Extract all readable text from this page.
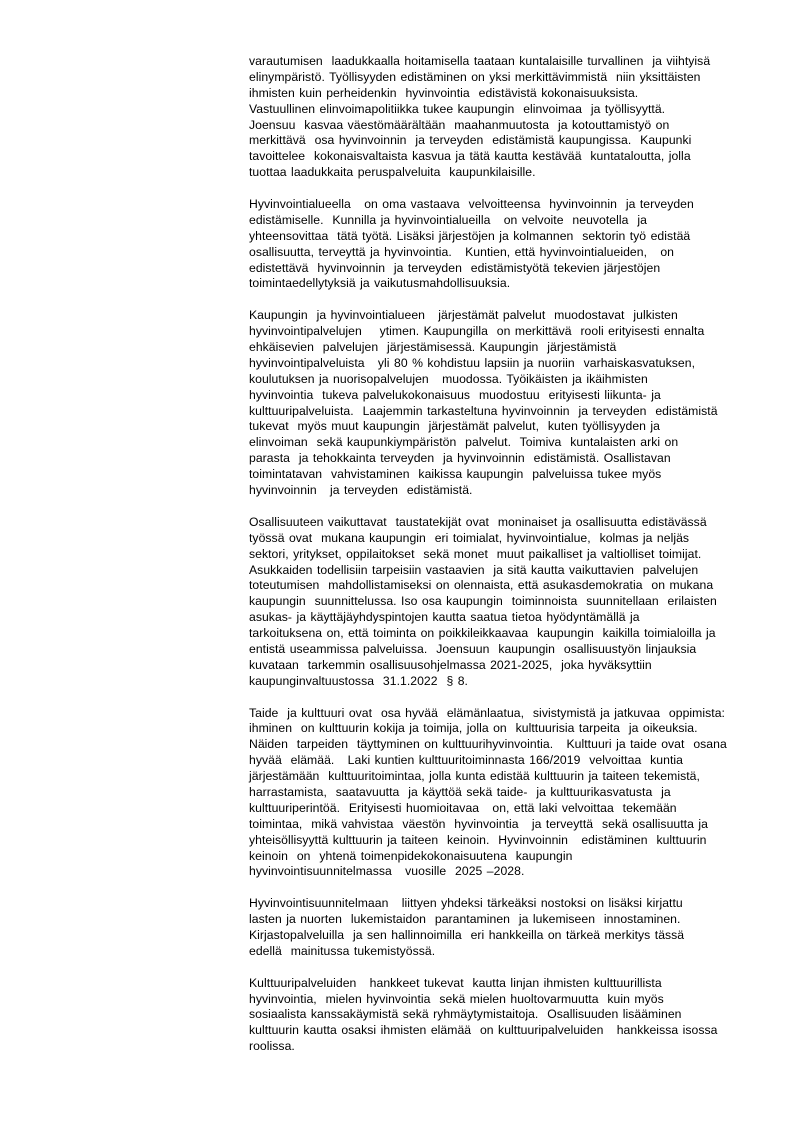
varautumisen  laadukkaalla hoitamisella taataan kuntalaisille turvallinen  ja viihtyisä
elinympäristö. Työllisyyden edistäminen on yksi merkittävimmistä  niin yksittäisten
ihmisten kuin perheidenkin  hyvinvointia  edistävistä kokonaisuuksista.
Vastuullinen elinvoimapolitiikka tukee kaupungin  elinvoimaa  ja työllisyyttä.
Joensuu  kasvaa väestömäärältään  maahanmuutosta  ja kotouttamistyö on
merkittävä  osa hyvinvoinnin  ja terveyden  edistämistä kaupungissa.  Kaupunki
tavoittelee  kokonaisvaltaista kasvua ja tätä kautta kestävää  kuntataloutta, jolla
tuottaa laadukkaita peruspalveluita  kaupunkilaisille.
Hyvinvointialueella   on oma vastaava  velvoitteensa  hyvinvoinnin  ja terveyden
edistämiselle.  Kunnilla ja hyvinvointialueilla   on velvoite  neuvotella  ja
yhteensovittaa  tätä työtä. Lisäksi järjestöjen ja kolmannen  sektorin työ edistää
osallisuutta, terveyttä ja hyvinvointia.   Kuntien, että hyvinvointialueiden,   on
edistettävä  hyvinvoinnin  ja terveyden  edistämistyötä tekevien järjestöjen
toimintaedellytyksiä ja vaikutusmahdollisuuksia.
Kaupungin  ja hyvinvointialueen   järjestämät palvelut  muodostavat  julkisten
hyvinvointipalvelujen    ytimen. Kaupungilla  on merkittävä  rooli erityisesti ennalta
ehkäisevien  palvelujen  järjestämisessä. Kaupungin  järjestämistä
hyvinvointipalveluista   yli 80 % kohdistuu lapsiin ja nuoriin  varhaiskasvatuksen,
koulutuksen ja nuorisopalvelujen   muodossa. Työikäisten ja ikäihmisten
hyvinvointia  tukeva palvelukokonaisuus  muodostuu  erityisesti liikunta- ja
kulttuuripalveluista.  Laajemmin tarkasteltuna hyvinvoinnin  ja terveyden  edistämistä
tukevat  myös muut kaupungin  järjestämät palvelut,  kuten työllisyyden ja
elinvoiman  sekä kaupunkiympäristön  palvelut.  Toimiva  kuntalaisten arki on
parasta  ja tehokkainta terveyden  ja hyvinvoinnin  edistämistä. Osallistavan
toimintatavan  vahvistaminen  kaikissa kaupungin  palveluissa tukee myös
hyvinvoinnin   ja terveyden  edistämistä.
Osallisuuteen vaikuttavat  taustatekijät ovat  moninaiset ja osallisuutta edistävässä
työssä ovat  mukana kaupungin  eri toimialat, hyvinvointialue,  kolmas ja neljäs
sektori, yritykset, oppilaitokset  sekä monet  muut paikalliset ja valtiolliset toimijat.
Asukkaiden todellisiin tarpeisiin vastaavien  ja sitä kautta vaikuttavien  palvelujen
toteutumisen  mahdollistamiseksi on olennaista, että asukasdemokratia  on mukana
kaupungin  suunnittelussa. Iso osa kaupungin  toiminnoista  suunnitellaan  erilaisten
asukas- ja käyttäjäyhdyspintojen kautta saatua tietoa hyödyntämällä ja
tarkoituksena on, että toiminta on poikkileikkaavaa  kaupungin  kaikilla toimialoilla ja
entistä useammissa palveluissa.  Joensuun  kaupungin  osallisuustyön linjauksia
kuvataan  tarkemmin osallisuusohjelmassa 2021-2025,  joka hyväksyttiin
kaupunginvaltuustossa  31.1.2022  § 8.
Taide  ja kulttuuri ovat  osa hyvää  elämänlaatua,  sivistymistä ja jatkuvaa  oppimista:
ihminen  on kulttuurin kokija ja toimija, jolla on  kulttuurisia tarpeita  ja oikeuksia.
Näiden  tarpeiden  täyttyminen on kulttuurihyvinvointia.   Kulttuuri ja taide ovat  osana
hyvää  elämää.   Laki kuntien kulttuuritoiminnasta 166/2019  velvoittaa  kuntia
järjestämään  kulttuuritoimintaa, jolla kunta edistää kulttuurin ja taiteen tekemistä,
harrastamista,  saatavuutta  ja käyttöä sekä taide-  ja kulttuurikasvatusta  ja
kulttuuriperintöä.  Erityisesti huomioitavaa   on, että laki velvoittaa  tekemään
toimintaa,  mikä vahvistaa  väestön  hyvinvointia   ja terveyttä  sekä osallisuutta ja
yhteisöllisyyttä kulttuurin ja taiteen  keinoin.  Hyvinvoinnin   edistäminen  kulttuurin
keinoin  on  yhtenä toimenpidekokonaisuutena  kaupungin
hyvinvointisuunnitelmassa   vuosille  2025 –2028.
Hyvinvointisuunnitelmaan   liittyen yhdeksi tärkeäksi nostoksi on lisäksi kirjattu
lasten ja nuorten  lukemistaidon  parantaminen  ja lukemiseen  innostaminen.
Kirjastopalveluilla  ja sen hallinnoimilla  eri hankkeilla on tärkeä merkitys tässä
edellä  mainitussa tukemistyössä.
Kulttuuripalveluiden   hankkeet tukevat  kautta linjan ihmisten kulttuurillista
hyvinvointia,  mielen hyvinvointia  sekä mielen huoltovarmuutta  kuin myös
sosiaalista kanssakäymistä sekä ryhmäytymistaitoja.  Osallisuuden lisääminen
kulttuurin kautta osaksi ihmisten elämää  on kulttuuripalveluiden   hankkeissa isossa
roolissa.
